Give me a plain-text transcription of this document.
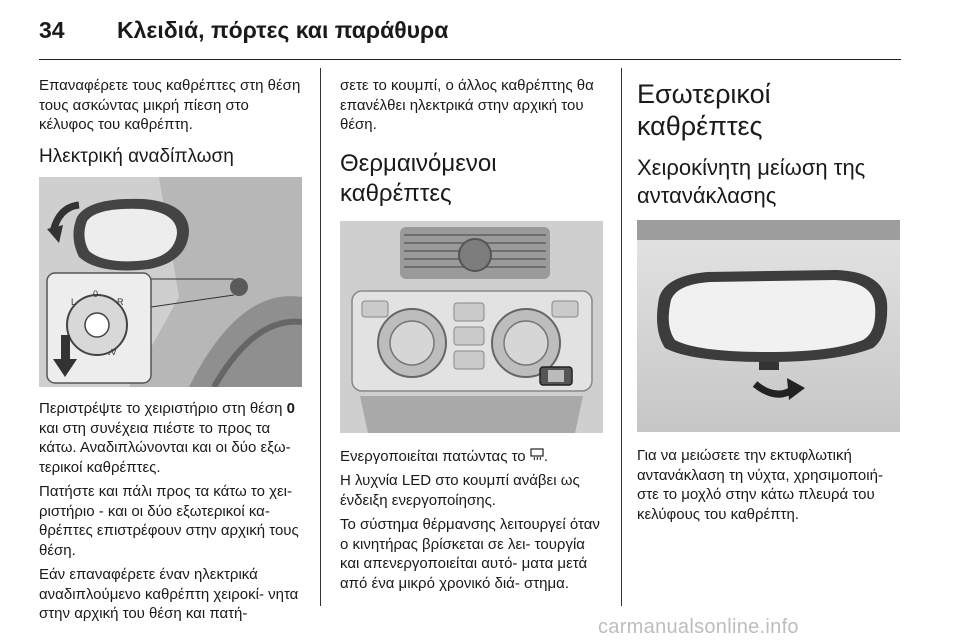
34 Κλειδιά, πόρτες και παράθυρα

Επαναφέρετε τους καθρέπτες στη θέση τους ασκώντας μικρή πίεση στο κέλυφος του καθρέπτη.

Ηλεκτρική αναδίπλωση
L
0
R
↓∇

Περιστρέψτε το χειριστήριο στη θέση 0 και στη συνέχεια πιέστε το προς τα κάτω. Αναδιπλώνονται και οι δύο εξω- τερικοί καθρέπτες.

Πατήστε και πάλι προς τα κάτω το χει- ριστήριο - και οι δύο εξωτερικοί κα- θρέπτες επιστρέφουν στην αρχική τους θέση.

Εάν επαναφέρετε έναν ηλεκτρικά αναδιπλούμενο καθρέπτη χειροκί- νητα στην αρχική του θέση και πατή-

σετε το κουμπί, ο άλλος καθρέπτης θα επανέλθει ηλεκτρικά στην αρχική του θέση.

Θερμαινόμενοι καθρέπτες

Ενεργοποιείται πατώντας το .

Η λυχνία LED στο κουμπί ανάβει ως ένδειξη ενεργοποίησης.

Το σύστημα θέρμανσης λειτουργεί όταν ο κινητήρας βρίσκεται σε λει- τουργία και απενεργοποιείται αυτό- ματα μετά από ένα μικρό χρονικό διά- στημα.

Εσωτερικοί καθρέπτες
Χειροκίνητη μείωση της αντανάκλασης

Για να μειώσετε την εκτυφλωτική αντανάκλαση τη νύχτα, χρησιμοποιή- στε το μοχλό στην κάτω πλευρά του κελύφους του καθρέπτη.

carmanualsonline.info
